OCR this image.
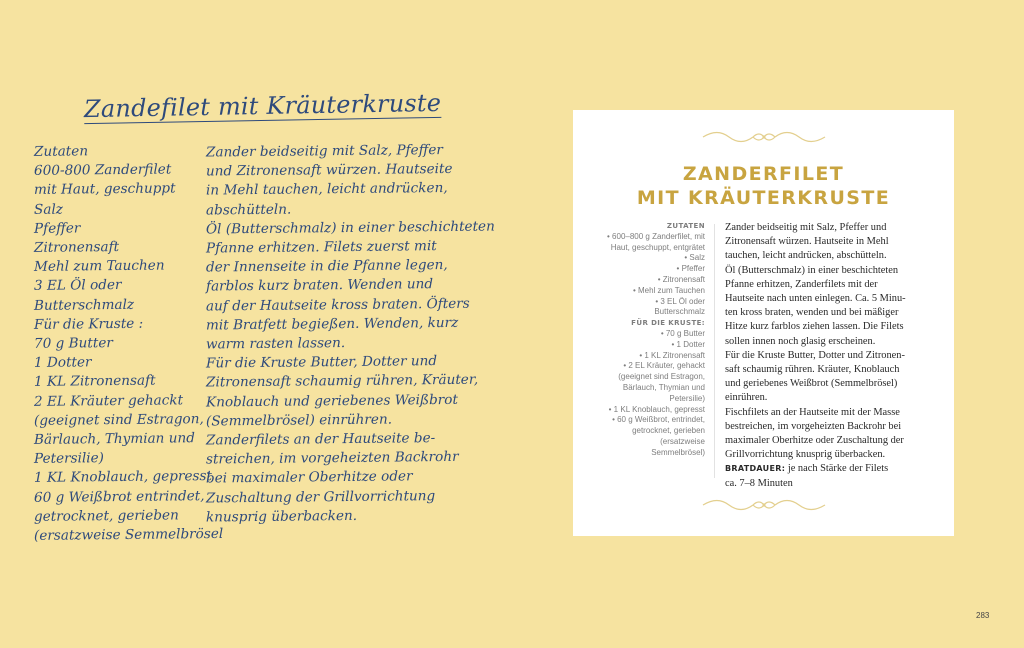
Zandefilet mit Kräuterkruste
Zutaten
600-800 Zanderfilet
mit Haut, geschuppt
Salz
Pfeffer
Zitronensaft
Mehl zum Tauchen
3 EL Öl oder
Butterschmalz
Für die Kruste :
70 g Butter
1 Dotter
1 KL Zitronensaft
2 EL Kräuter gehackt
(geeignet sind Estragon,
Bärlauch, Thymian und
Petersilie)
1 KL Knoblauch, gepresst
60 g Weißbrot entrindet,
getrocknet, gerieben
(ersatzweise Semmelbrösel
Zander beidseitig mit Salz, Pfeffer
und Zitronensaft würzen. Hautseite
in Mehl tauchen, leicht andrücken,
abschütteln.
Öl (Butterschmalz) in einer beschichteten
Pfanne erhitzen. Filets zuerst mit
der Innenseite in die Pfanne legen,
farblos kurz braten. Wenden und
auf der Hautseite kross braten. Öfters
mit Bratfett begießen. Wenden, kurz
warm rasten lassen.
Für die Kruste Butter, Dotter und
Zitronensaft schaumig rühren, Kräuter,
Knoblauch und geriebenes Weißbrot
(Semmelbrösel) einrühren.
Zanderfilets an der Hautseite be-
streichen, im vorgeheizten Backrohr
bei maximaler Oberhitze oder
Zuschaltung der Grillvorrichtung
knusprig überbacken.
ZANDERFILET
MIT KRÄUTERKRUSTE
ZUTATEN
• 600–800 g Zanderfilet, mit
Haut, geschuppt, entgrätet
• Salz
• Pfeffer
• Zitronensaft
• Mehl zum Tauchen
• 3 EL Öl oder
Butterschmalz
FÜR DIE KRUSTE:
• 70 g Butter
• 1 Dotter
• 1 KL Zitronensaft
• 2 EL Kräuter, gehackt
(geeignet sind Estragon,
Bärlauch, Thymian und
Petersilie)
• 1 KL Knoblauch, gepresst
• 60 g Weißbrot, entrindet,
getrocknet, gerieben
(ersatzweise
Semmelbrösel)
Zander beidseitig mit Salz, Pfeffer und
Zitronensaft würzen. Hautseite in Mehl
tauchen, leicht andrücken, abschütteln.
Öl (Butterschmalz) in einer beschichteten
Pfanne erhitzen, Zanderfilets mit der
Hautseite nach unten einlegen. Ca. 5 Minu-
ten kross braten, wenden und bei mäßiger
Hitze kurz farblos ziehen lassen. Die Filets
sollen innen noch glasig erscheinen.
Für die Kruste Butter, Dotter und Zitronen-
saft schaumig rühren. Kräuter, Knoblauch
und geriebenes Weißbrot (Semmelbrösel)
einrühren.
Fischfilets an der Hautseite mit der Masse
bestreichen, im vorgeheizten Backrohr bei
maximaler Oberhitze oder Zuschaltung der
Grillvorrichtung knusprig überbacken.
BRATDAUER: je nach Stärke der Filets
ca. 7–8 Minuten
283
